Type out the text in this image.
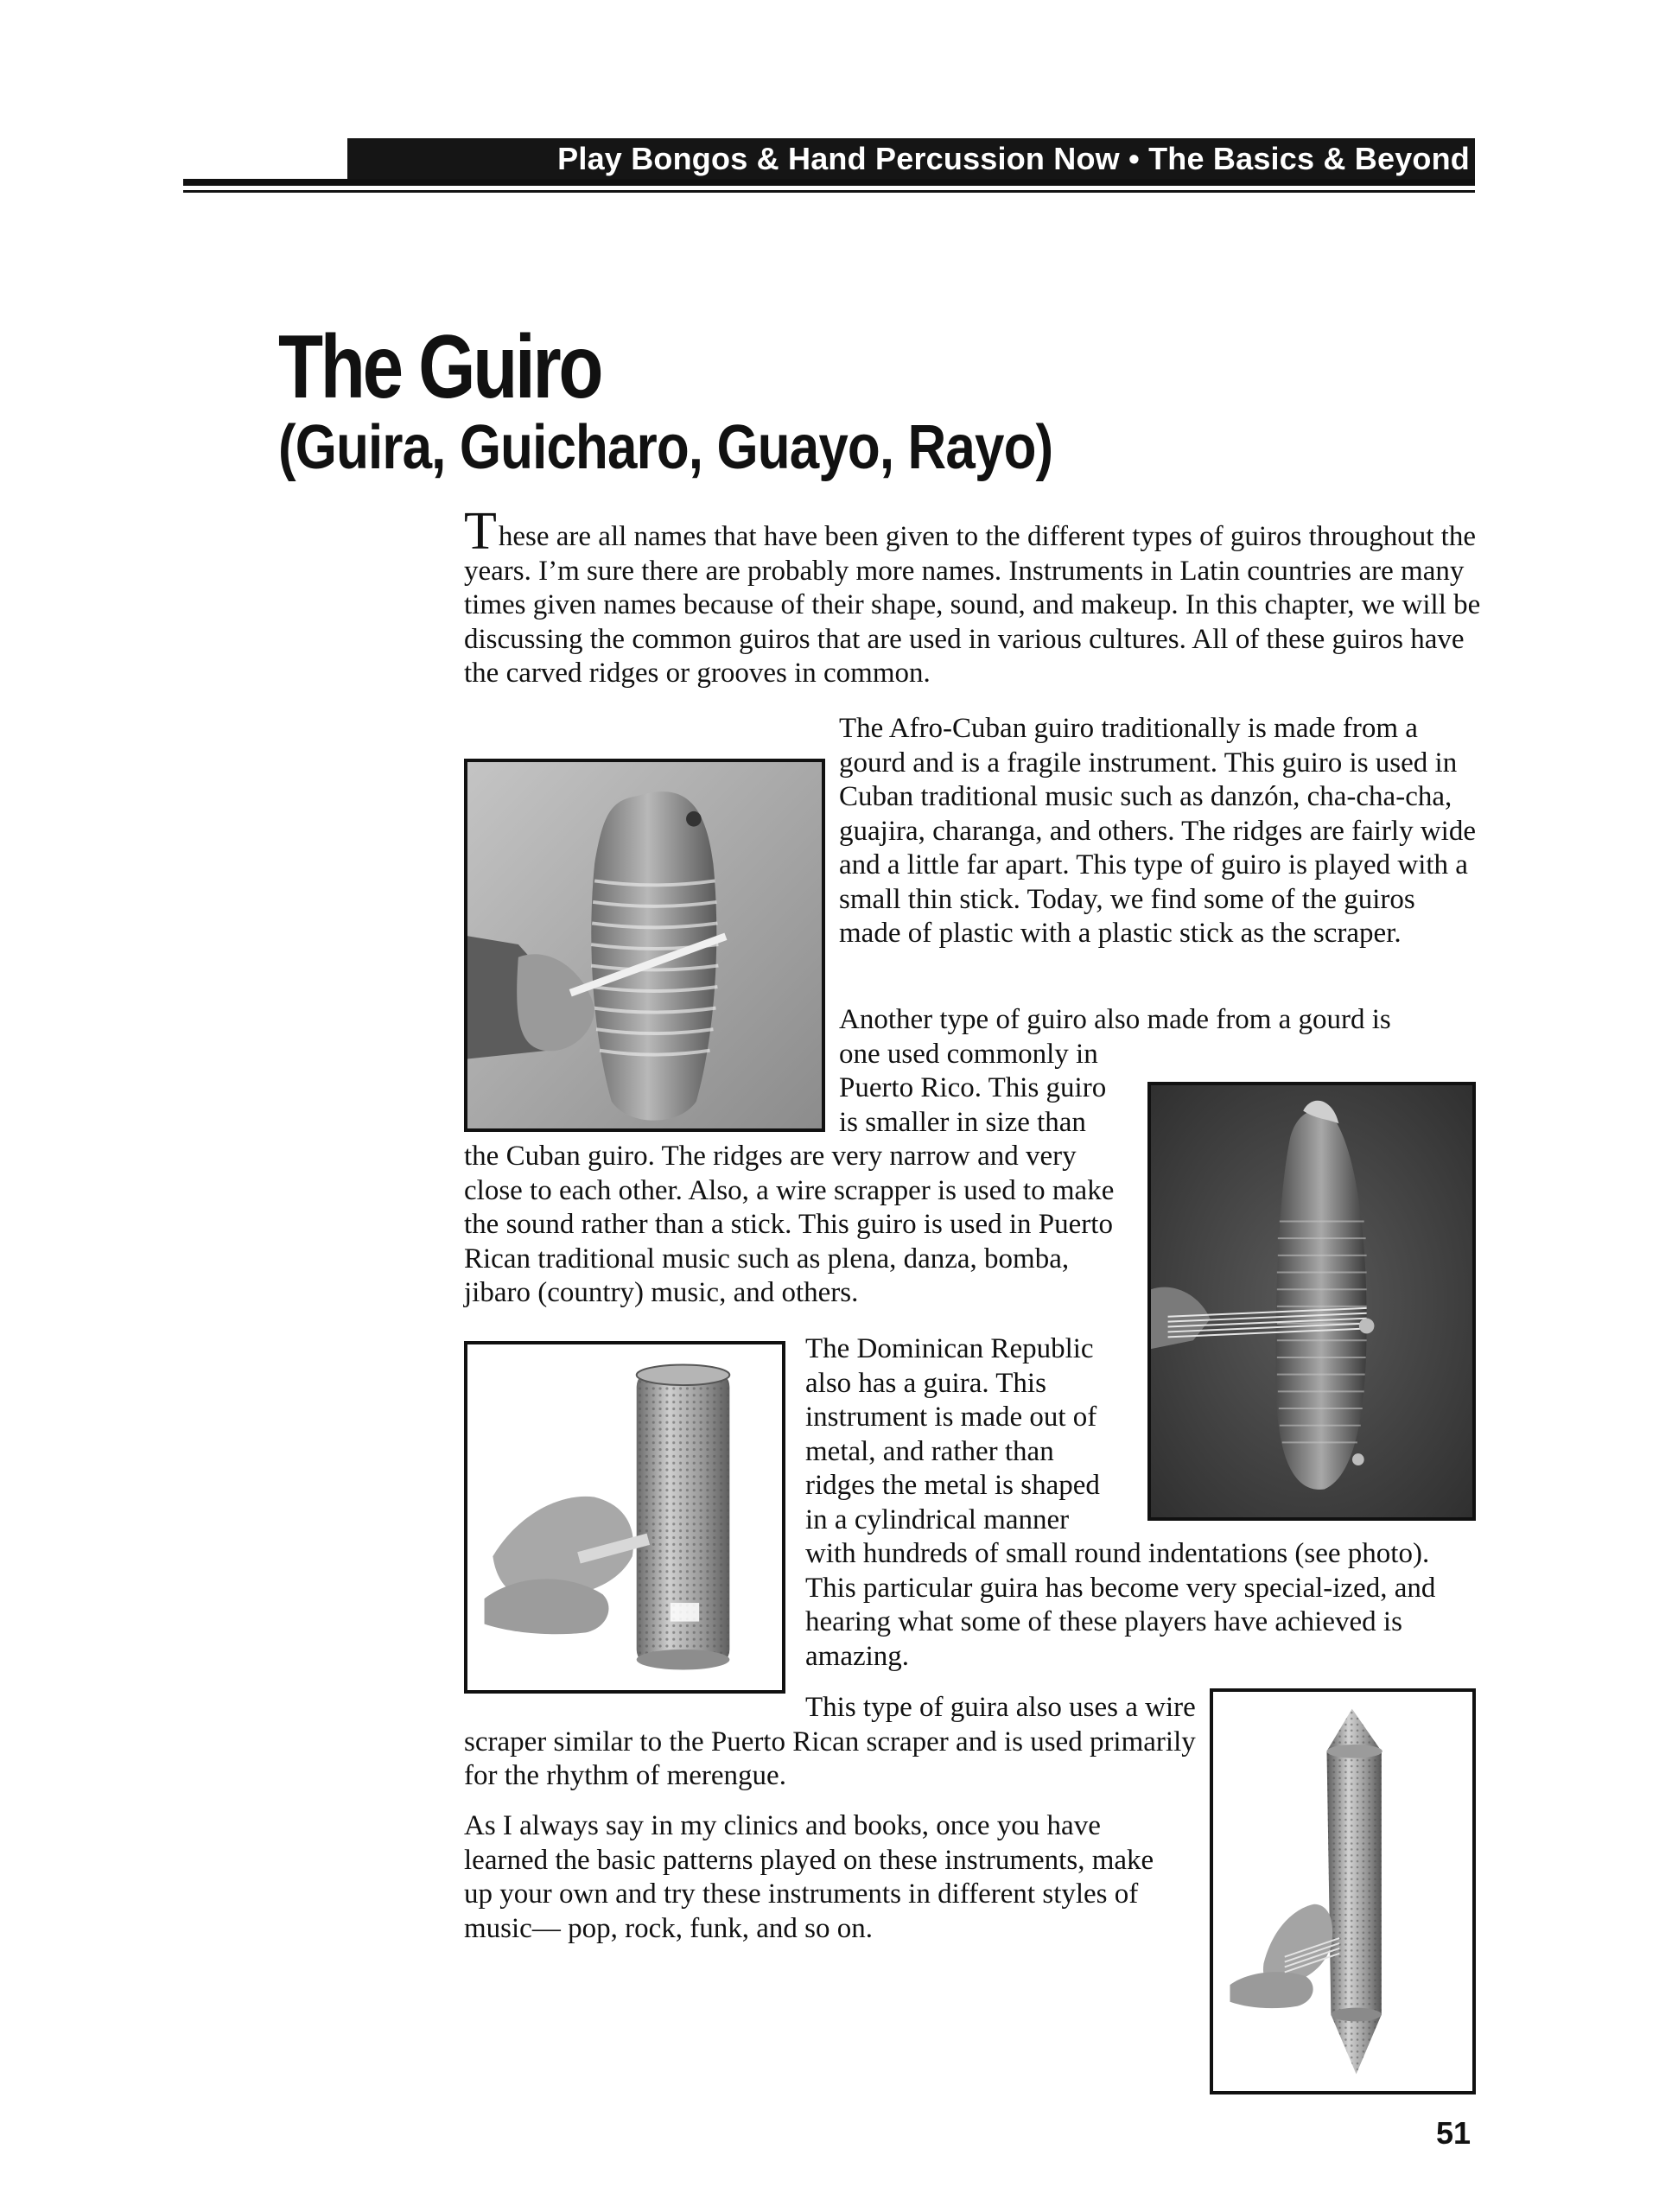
Play Bongos & Hand Percussion Now • The Basics & Beyond
The Guiro
(Guira, Guicharo, Guayo, Rayo)

These are all names that have been given to the different types of guiros throughout the years. I’m sure there are probably more names. Instruments in Latin countries are many times given names because of their shape, sound, and makeup. In this chapter, we will be discussing the common guiros that are used in various cultures. All of these guiros have the carved ridges or grooves in common.

The Afro-Cuban guiro traditionally is made from a gourd and is a fragile instrument. This guiro is used in Cuban traditional music such as danzón, cha-cha-cha, guajira, charanga, and others. The ridges are fairly wide and a little far apart. This type of guiro is played with a small thin stick. Today, we find some of the guiros made of plastic with a plastic stick as the scraper.

Another type of guiro also made from a gourd is
one used commonly in
Puerto Rico. This guiro
is smaller in size than

the Cuban guiro. The ridges are very narrow and very close to each other. Also, a wire scrapper is used to make the sound rather than a stick. This guiro is used in Puerto Rican traditional music such as plena, danza, bomba, jibaro (country) music, and others.

The Dominican Republic
also has a guira. This
instrument is made out of
metal, and rather than
ridges the metal is shaped
in a cylindrical manner

with hundreds of small round indentations (see photo). This particular guira has become very special-ized, and hearing what some of these players have achieved is amazing.

This type of guira also uses a wire scraper similar to the Puerto Rican scraper and is used primarily for the rhythm of merengue.

As I always say in my clinics and books, once you have learned the basic patterns played on these instruments, make up your own and try these instruments in different styles of music— pop, rock, funk, and so on.

51
